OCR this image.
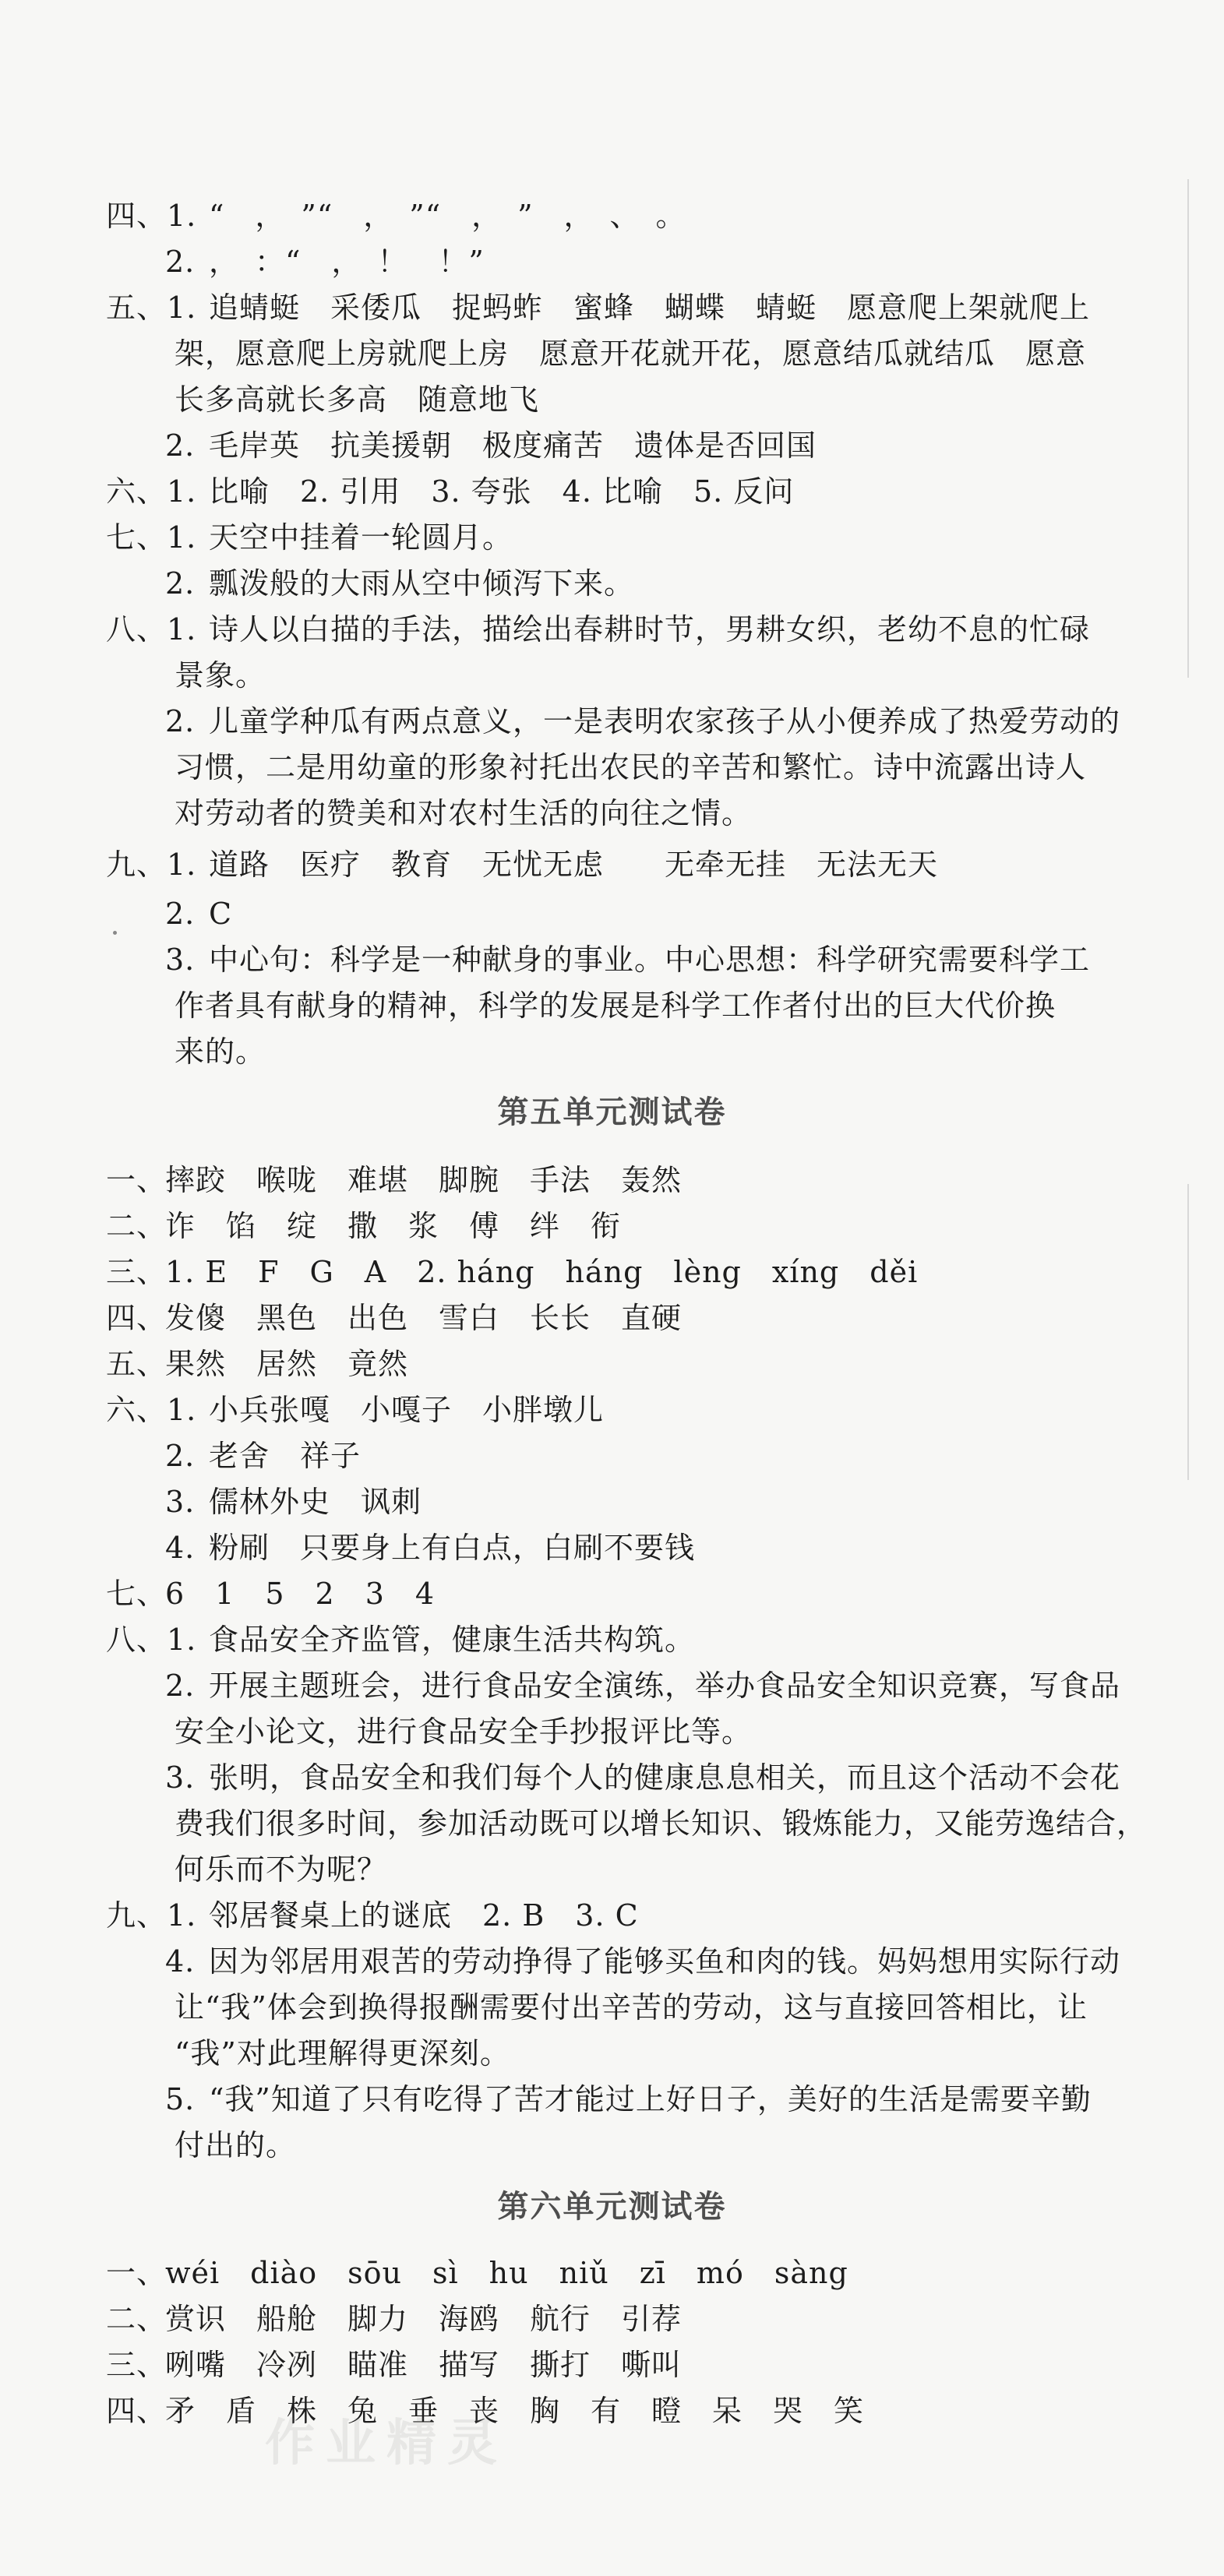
四、1. “　，　”“　，　”“　，　”　，　、　。
2. ，　：“　，　！　！”
五、1. 追蜻蜓　采倭瓜　捉蚂蚱　蜜蜂　蝴蝶　蜻蜓　愿意爬上架就爬上
架，愿意爬上房就爬上房　愿意开花就开花，愿意结瓜就结瓜　愿意
长多高就长多高　随意地飞
2. 毛岸英　抗美援朝　极度痛苦　遗体是否回国
六、1. 比喻　2. 引用　3. 夸张　4. 比喻　5. 反问
七、1. 天空中挂着一轮圆月。
2. 瓢泼般的大雨从空中倾泻下来。
八、1. 诗人以白描的手法，描绘出春耕时节，男耕女织，老幼不息的忙碌
景象。
2. 儿童学种瓜有两点意义，一是表明农家孩子从小便养成了热爱劳动的
习惯，二是用幼童的形象衬托出农民的辛苦和繁忙。诗中流露出诗人
对劳动者的赞美和对农村生活的向往之情。
九、1. 道路　医疗　教育　无忧无虑　　无牵无挂　无法无天
2. C
3. 中心句：科学是一种献身的事业。中心思想：科学研究需要科学工
作者具有献身的精神，科学的发展是科学工作者付出的巨大代价换
来的。
第五单元测试卷
一、
摔跤　喉咙　难堪　脚腕　手法　轰然
二、
诈　馅　绽　撒　浆　傅　绊　衔
三、
1. E　F　G　A　2. háng　háng　lèng　xíng　děi
四、
发傻　黑色　出色　雪白　长长　直硬
五、
果然　居然　竟然
六、1. 小兵张嘎　小嘎子　小胖墩儿
2. 老舍　祥子
3. 儒林外史　讽刺
4. 粉刷　只要身上有白点，白刷不要钱
七、
6　1　5　2　3　4
八、1. 食品安全齐监管，健康生活共构筑。
2. 开展主题班会，进行食品安全演练，举办食品安全知识竞赛，写食品
安全小论文，进行食品安全手抄报评比等。
3. 张明，食品安全和我们每个人的健康息息相关，而且这个活动不会花
费我们很多时间，参加活动既可以增长知识、锻炼能力，又能劳逸结合，
何乐而不为呢？
九、1. 邻居餐桌上的谜底　2. B　3. C
4. 因为邻居用艰苦的劳动挣得了能够买鱼和肉的钱。妈妈想用实际行动
让“我”体会到换得报酬需要付出辛苦的劳动，这与直接回答相比，让
“我”对此理解得更深刻。
5. “我”知道了只有吃得了苦才能过上好日子，美好的生活是需要辛勤
付出的。
第六单元测试卷
一、
wéi　diào　sōu　sì　hu　niǔ　zī　mó　sàng
二、
赏识　船舱　脚力　海鸥　航行　引荐
三、
咧嘴　冷冽　瞄准　描写　撕打　嘶叫
四、
矛　盾　株　兔　垂　丧　胸　有　瞪　呆　哭　笑
作业精灵
